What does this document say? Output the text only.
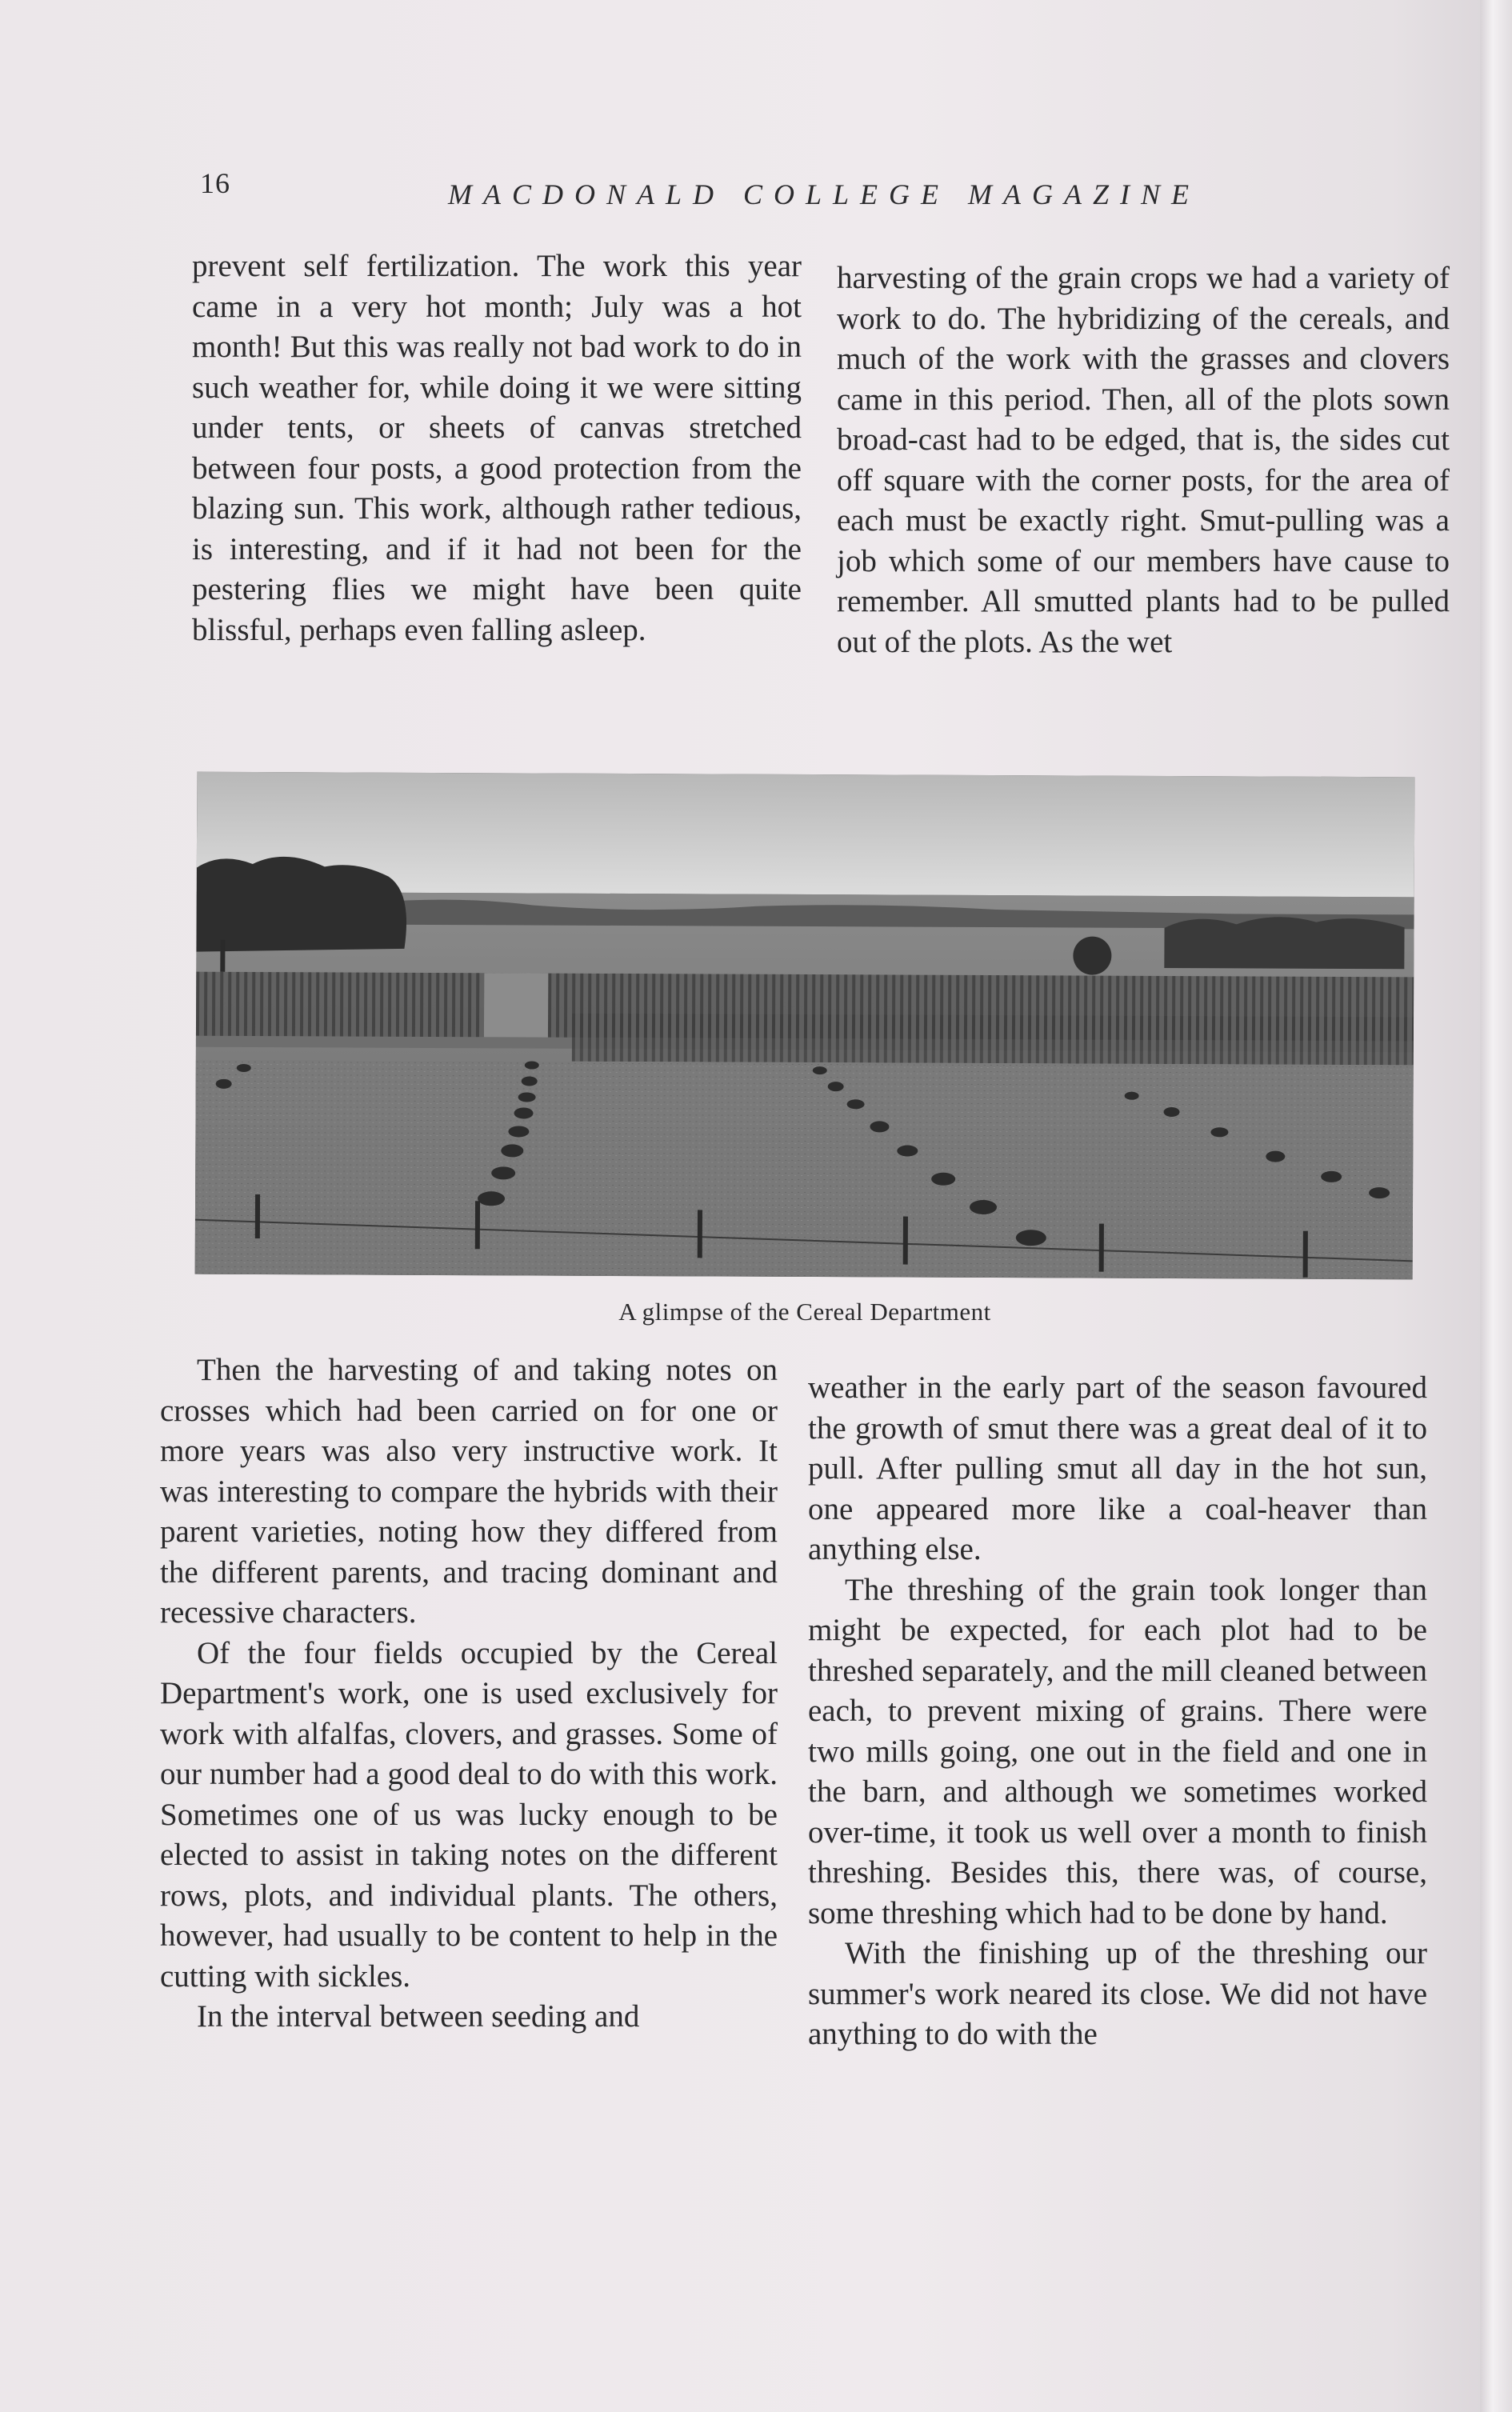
16	MACDONALD COLLEGE MAGAZINE

prevent self fertilization. The work this year came in a very hot month; July was a hot month! But this was really not bad work to do in such weather for, while doing it we were sitting under tents, or sheets of canvas stretched between four posts, a good protection from the blazing sun. This work, although rather tedious, is interesting, and if it had not been for the pestering flies we might have been quite blissful, perhaps even falling asleep.

harvesting of the grain crops we had a variety of work to do. The hybridizing of the cereals, and much of the work with the grasses and clovers came in this period. Then, all of the plots sown broad-cast had to be edged, that is, the sides cut off square with the corner posts, for the area of each must be exactly right. Smut-pulling was a job which some of our members have cause to remember. All smutted plants had to be pulled out of the plots. As the wet

A glimpse of the Cereal Department

Then the harvesting of and taking notes on crosses which had been carried on for one or more years was also very instructive work. It was interesting to compare the hybrids with their parent varieties, noting how they differed from the different parents, and tracing dominant and recessive characters.

Of the four fields occupied by the Cereal Department's work, one is used exclusively for work with alfalfas, clovers, and grasses. Some of our number had a good deal to do with this work. Sometimes one of us was lucky enough to be elected to assist in taking notes on the different rows, plots, and individual plants. The others, however, had usually to be content to help in the cutting with sickles.

In the interval between seeding and

weather in the early part of the season favoured the growth of smut there was a great deal of it to pull. After pulling smut all day in the hot sun, one appeared more like a coal-heaver than anything else.

The threshing of the grain took longer than might be expected, for each plot had to be threshed separately, and the mill cleaned between each, to prevent mixing of grains. There were two mills going, one out in the field and one in the barn, and although we sometimes worked over-time, it took us well over a month to finish threshing. Besides this, there was, of course, some threshing which had to be done by hand.

With the finishing up of the threshing our summer's work neared its close. We did not have anything to do with the
